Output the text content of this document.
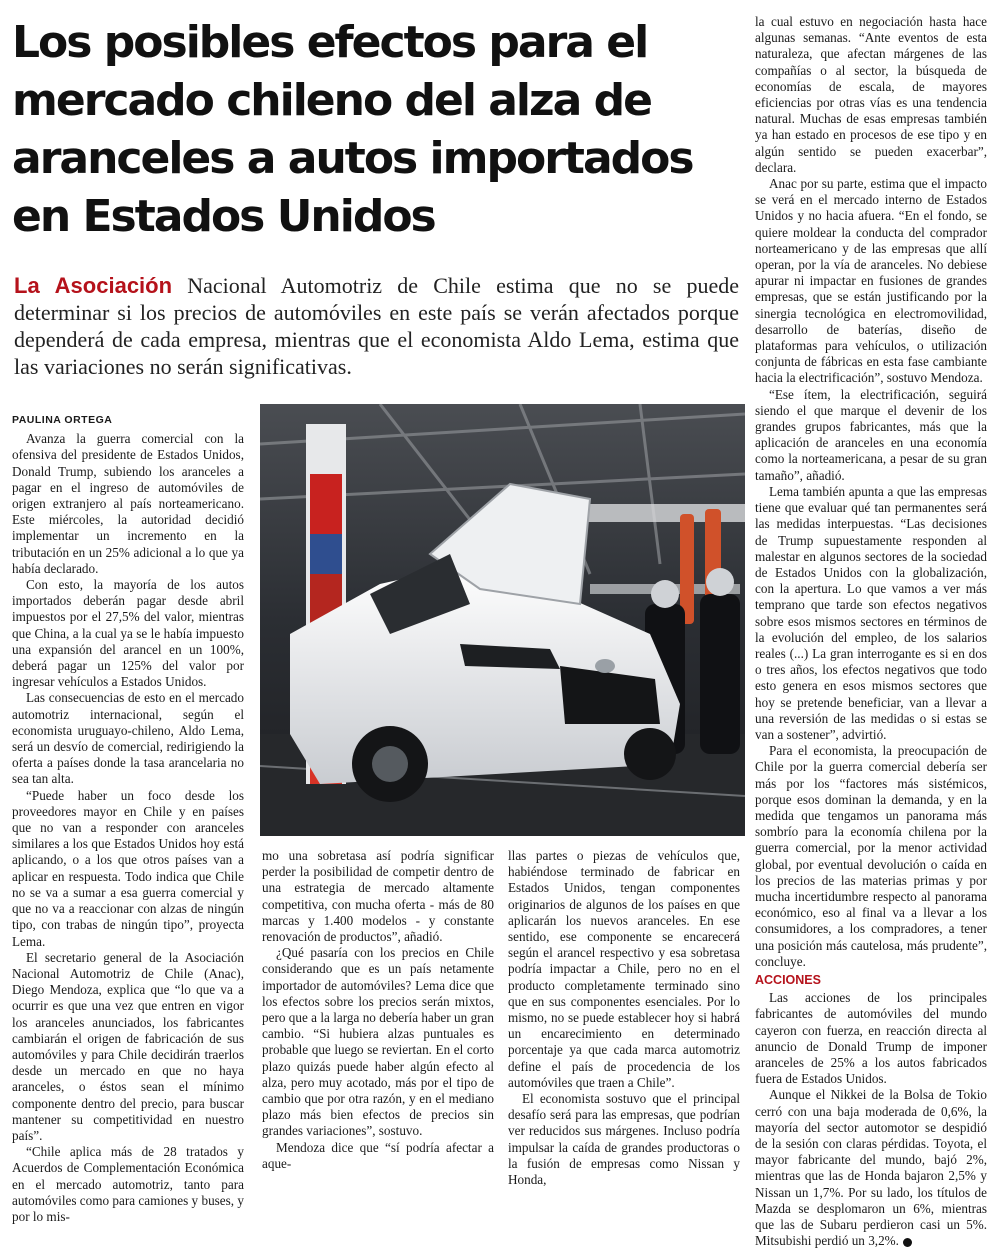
Los posibles efectos para el mercado chileno del alza de aranceles a autos importados en Estados Unidos

La Asociación Nacional Automotriz de Chile estima que no se puede determinar si los precios de automóviles en este país se verán afectados porque dependerá de cada empresa, mientras que el economista Aldo Lema, estima que las variaciones no serán significativas.

PAULINA ORTEGA

Avanza la guerra comercial con la ofensiva del presidente de Estados Unidos, Donald Trump, subiendo los aranceles a pagar en el ingreso de automóviles de origen extranjero al país norteamericano. Este miércoles, la autoridad decidió implementar un incremento en la tributación en un 25% adicional a lo que ya había declarado.

Con esto, la mayoría de los autos importados deberán pagar desde abril impuestos por el 27,5% del valor, mientras que China, a la cual ya se le había impuesto una expansión del arancel en un 100%, deberá pagar un 125% del valor por ingresar vehículos a Estados Unidos.

Las consecuencias de esto en el mercado automotriz internacional, según el economista uruguayo-chileno, Aldo Lema, será un desvío de comercial, redirigiendo la oferta a países donde la tasa arancelaria no sea tan alta.

“Puede haber un foco desde los proveedores mayor en Chile y en países que no van a responder con aranceles similares a los que Estados Unidos hoy está aplicando, o a los que otros países van a aplicar en respuesta. Todo indica que Chile no se va a sumar a esa guerra comercial y que no va a reaccionar con alzas de ningún tipo, con trabas de ningún tipo”, proyecta Lema.

El secretario general de la Asociación Nacional Automotriz de Chile (Anac), Diego Mendoza, explica que “lo que va a ocurrir es que una vez que entren en vigor los aranceles anunciados, los fabricantes cambiarán el origen de fabricación de sus automóviles y para Chile decidirán traerlos desde un mercado en que no haya aranceles, o éstos sean el mínimo componente dentro del precio, para buscar mantener su competitividad en nuestro país”.

“Chile aplica más de 28 tratados y Acuerdos de Complementación Económica en el mercado automotriz, tanto para automóviles como para camiones y buses, y por lo mis-

mo una sobretasa así podría significar perder la posibilidad de competir dentro de una estrategia de mercado altamente competitiva, con mucha oferta - más de 80 marcas y 1.400 modelos - y constante renovación de productos”, añadió.

¿Qué pasaría con los precios en Chile considerando que es un país netamente importador de automóviles? Lema dice que los efectos sobre los precios serán mixtos, pero que a la larga no debería haber un gran cambio. “Si hubiera alzas puntuales es probable que luego se reviertan. En el corto plazo quizás puede haber algún efecto al alza, pero muy acotado, más por el tipo de cambio que por otra razón, y en el mediano plazo más bien efectos de precios sin grandes variaciones”, sostuvo.

Mendoza dice que “sí podría afectar a aque-

llas partes o piezas de vehículos que, habiéndose terminado de fabricar en Estados Unidos, tengan componentes originarios de algunos de los países en que aplicarán los nuevos aranceles. En ese sentido, ese componente se encarecerá según el arancel respectivo y esa sobretasa podría impactar a Chile, pero no en el producto completamente terminado sino que en sus componentes esenciales. Por lo mismo, no se puede establecer hoy si habrá un encarecimiento en determinado porcentaje ya que cada marca automotriz define el país de procedencia de los automóviles que traen a Chile”.

El economista sostuvo que el principal desafío será para las empresas, que podrían ver reducidos sus márgenes. Incluso podría impulsar la caída de grandes productoras o la fusión de empresas como Nissan y Honda,

la cual estuvo en negociación hasta hace algunas semanas. “Ante eventos de esta naturaleza, que afectan márgenes de las compañías o al sector, la búsqueda de economías de escala, de mayores eficiencias por otras vías es una tendencia natural. Muchas de esas empresas también ya han estado en procesos de ese tipo y en algún sentido se pueden exacerbar”, declara.

Anac por su parte, estima que el impacto se verá en el mercado interno de Estados Unidos y no hacia afuera. “En el fondo, se quiere moldear la conducta del comprador norteamericano y de las empresas que allí operan, por la vía de aranceles. No debiese apurar ni impactar en fusiones de grandes empresas, que se están justificando por la sinergia tecnológica en electromovilidad, desarrollo de baterías, diseño de plataformas para vehículos, o utilización conjunta de fábricas en esta fase cambiante hacia la electrificación”, sostuvo Mendoza.

“Ese ítem, la electrificación, seguirá siendo el que marque el devenir de los grandes grupos fabricantes, más que la aplicación de aranceles en una economía como la norteamericana, a pesar de su gran tamaño”, añadió.

Lema también apunta a que las empresas tiene que evaluar qué tan permanentes será las medidas interpuestas. “Las decisiones de Trump supuestamente responden al malestar en algunos sectores de la sociedad de Estados Unidos con la globalización, con la apertura. Lo que vamos a ver más temprano que tarde son efectos negativos sobre esos mismos sectores en términos de la evolución del empleo, de los salarios reales (...) La gran interrogante es si en dos o tres años, los efectos negativos que todo esto genera en esos mismos sectores que hoy se pretende beneficiar, van a llevar a una reversión de las medidas o si estas se van a sostener”, advirtió.

Para el economista, la preocupación de Chile por la guerra comercial debería ser más por los “factores más sistémicos, porque esos dominan la demanda, y en la medida que tengamos un panorama más sombrío para la economía chilena por la guerra comercial, por la menor actividad global, por eventual devolución o caída en los precios de las materias primas y por mucha incertidumbre respecto al panorama económico, eso al final va a llevar a los consumidores, a los compradores, a tener una posición más cautelosa, más prudente”, concluye.

ACCIONES

Las acciones de los principales fabricantes de automóviles del mundo cayeron con fuerza, en reacción directa al anuncio de Donald Trump de imponer aranceles de 25% a los autos fabricados fuera de Estados Unidos.

Aunque el Nikkei de la Bolsa de Tokio cerró con una baja moderada de 0,6%, la mayoría del sector automotor se despidió de la sesión con claras pérdidas. Toyota, el mayor fabricante del mundo, bajó 2%, mientras que las de Honda bajaron 2,5% y Nissan un 1,7%. Por su lado, los títulos de Mazda se desplomaron un 6%, mientras que las de Subaru perdieron casi un 5%. Mitsubishi perdió un 3,2%.
